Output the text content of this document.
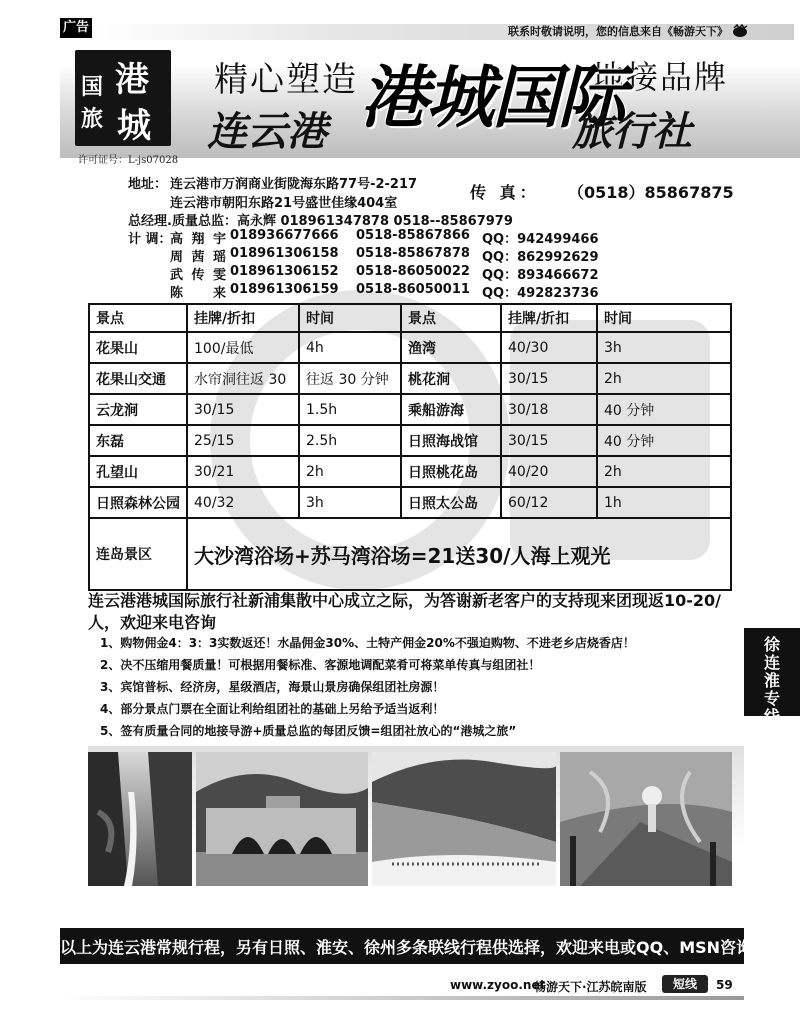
广告	联系时敬请说明，您的信息来自《畅游天下》
港
国
旅 城
许可证号：L-js07028
精心塑造	地接品牌
连云港 港城国际
旅行社
地址： 连云港市万润商业街陇海东路77号-2-217
连云港市朝阳东路21号盛世佳缘404室
传 真： （0518）85867875
总经理.质量总监：高永辉 018961347878 0518--85867979
计 调：
高翔宇 018936677666 0518-85867866 QQ：942499466
周茜瑶 018961306158 0518-85867878 QQ：862992629
武传雯 018961306152 0518-86050022 QQ：893466672
陈 来 018961306159 0518-86050011 QQ：492823736
景点	挂牌/折扣	时间	景点	挂牌/折扣	时间
花果山	100/最低	4h	渔湾	40/30	3h
花果山交通	水帘洞往返 30	往返 30 分钟	桃花涧	30/15	2h
云龙涧	30/15	1.5h	乘船游海	30/18	40 分钟
东磊	25/15	2.5h	日照海战馆	30/15	40 分钟
孔望山	30/21	2h	日照桃花岛	40/20	2h
日照森林公园	40/32	3h	日照太公岛	60/12	1h
连岛景区	大沙湾浴场+苏马湾浴场=21送30/人海上观光				
连云港港城国际旅行社新浦集散中心成立之际，为答谢新老客户的支持现来团现返10-20/人，欢迎来电咨询
1、购物佣金4：3：3实数返还！水晶佣金30%、土特产佣金20%不强迫购物、不进老乡店烧香店！
2、决不压缩用餐质量！可根据用餐标准、客源地调配菜肴可将菜单传真与组团社！
3、宾馆普标、经济房，星级酒店，海景山景房确保组团社房源！
4、部分景点门票在全面让利给组团社的基础上另给予适当返利！
5、签有质量合同的地接导游+质量总监的每团反馈=组团社放心的“港城之旅”
徐连淮专线
以上为连云港常规行程，另有日照、淮安、徐州多条联线行程供选择，欢迎来电或QQ、MSN咨询！
www.zyoo.net
畅游天下·江苏皖南版	短线	59
